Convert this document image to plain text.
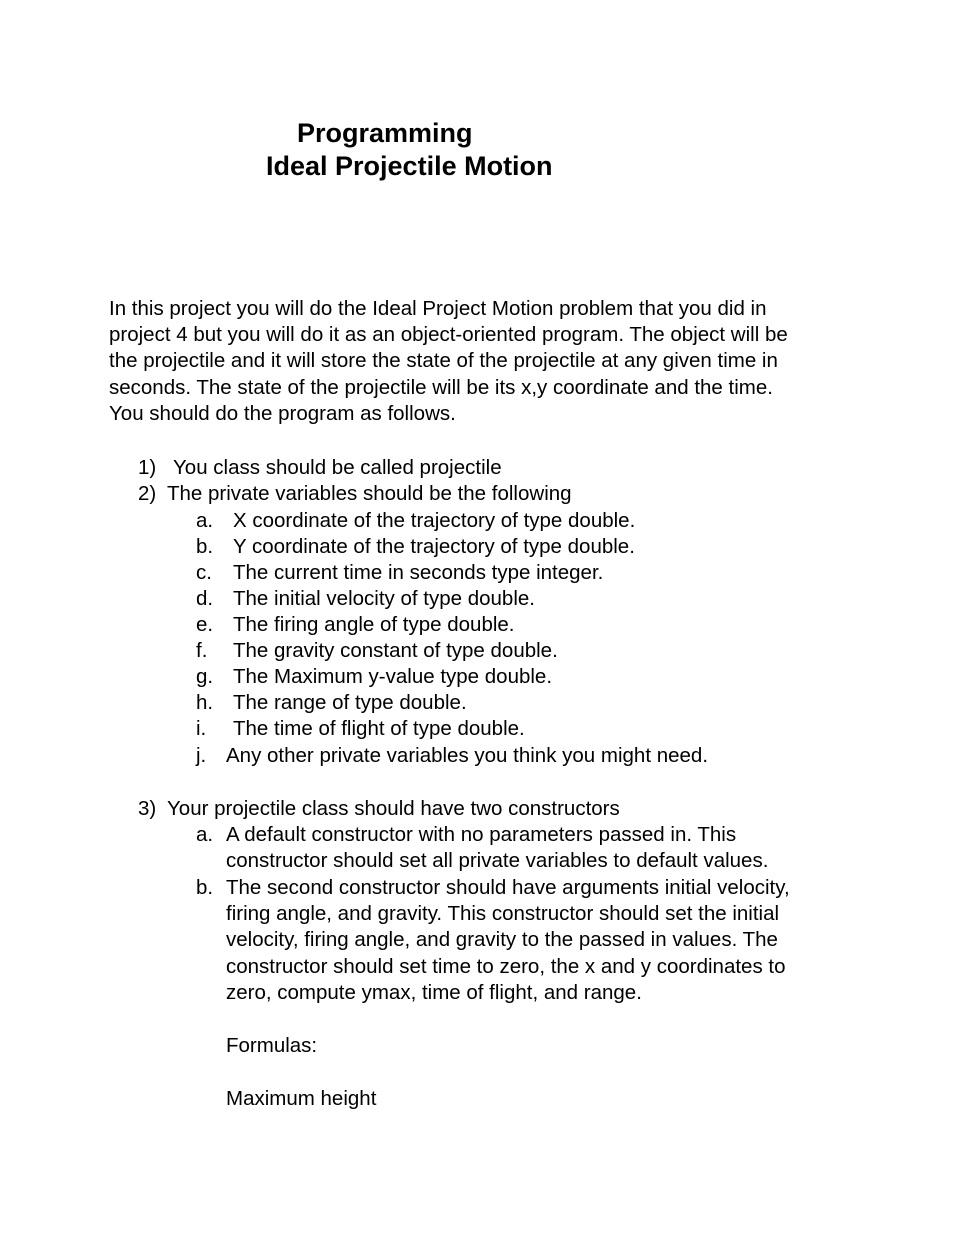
Programming
Ideal Projectile Motion
In this project you will do the Ideal Project Motion problem that you did in
project 4 but you will do it as an object-oriented program. The object will be
the projectile and it will store the state of the projectile at any given time in
seconds. The state of the projectile will be its x,y coordinate and the time.
You should do the program as follows.
1) You class should be called projectile
2) The private variables should be the following
a. X coordinate of the trajectory of type double.
b. Y coordinate of the trajectory of type double.
c. The current time in seconds type integer.
d. The initial velocity of type double.
e. The firing angle of type double.
f. The gravity constant of type double.
g. The Maximum y-value type double.
h. The range of type double.
i. The time of flight of type double.
j. Any other private variables you think you might need.
3) Your projectile class should have two constructors
a. A default constructor with no parameters passed in. This
constructor should set all private variables to default values.
b. The second constructor should have arguments initial velocity,
firing angle, and gravity. This constructor should set the initial
velocity, firing angle, and gravity to the passed in values. The
constructor should set time to zero, the x and y coordinates to
zero, compute ymax, time of flight, and range.
Formulas:
Maximum height
